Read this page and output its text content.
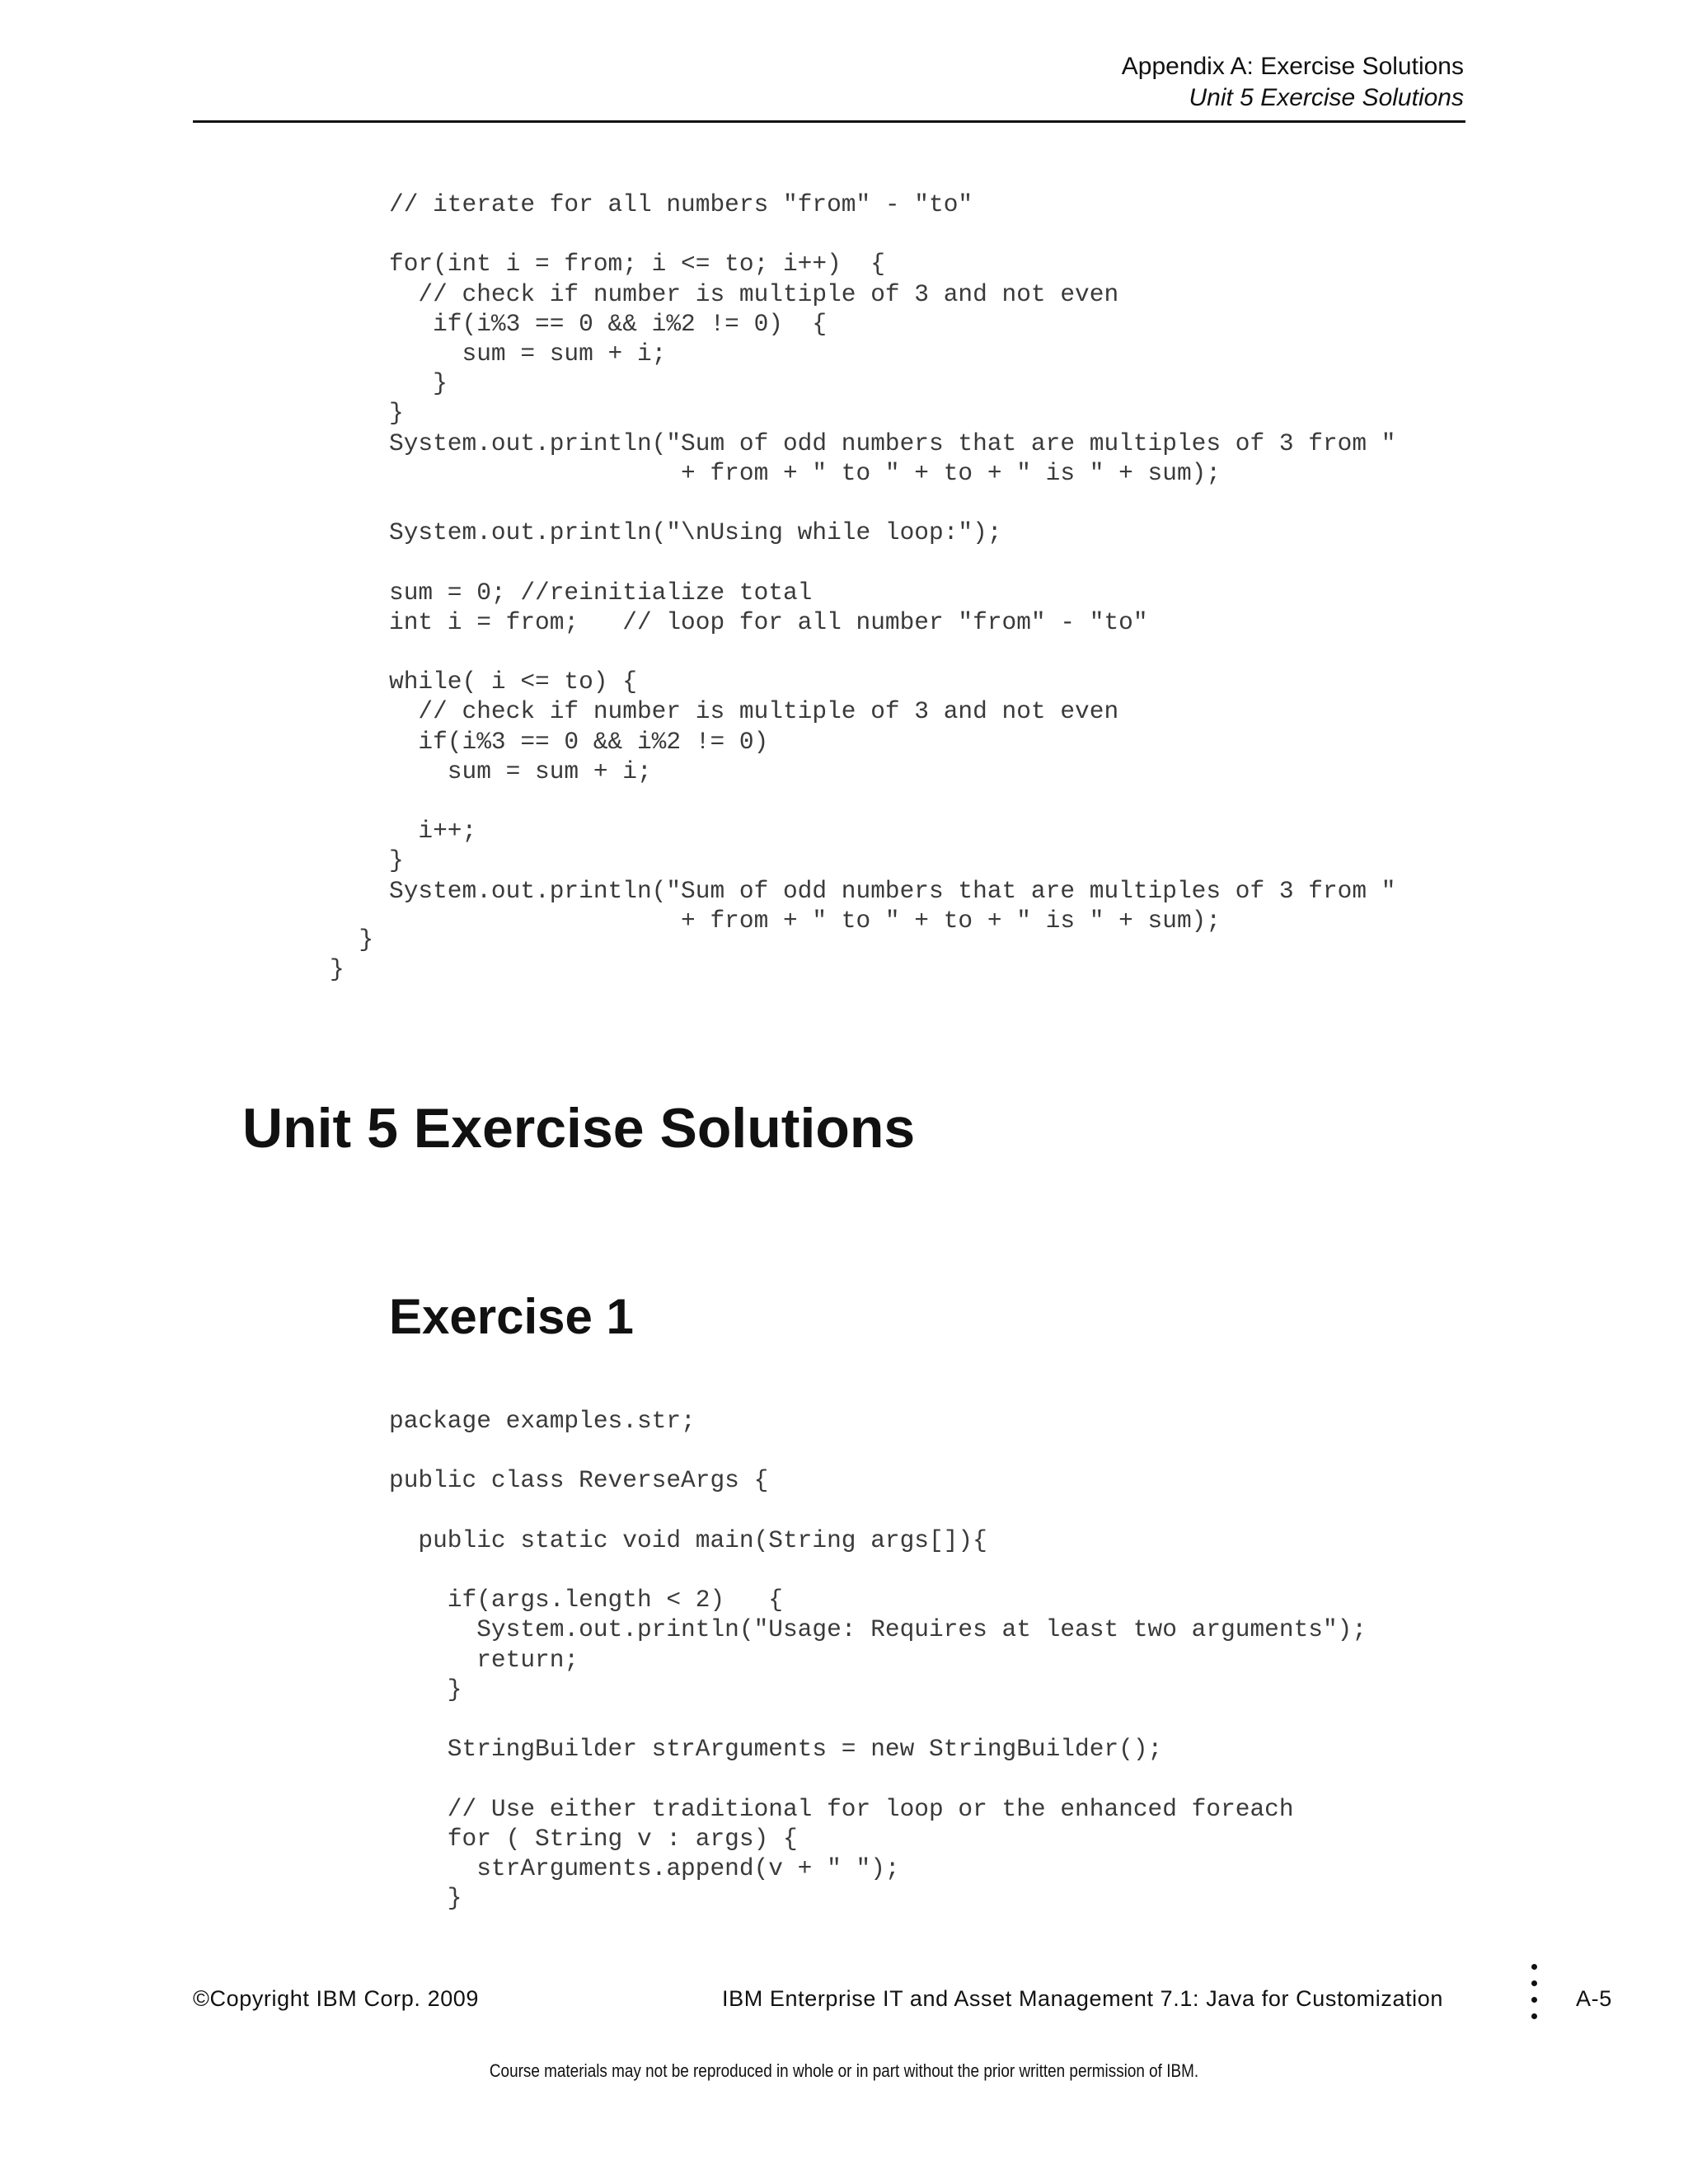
Appendix A: Exercise Solutions
Unit 5 Exercise Solutions
// iterate for all numbers "from" - "to"

for(int i = from; i <= to; i++)  {
// check if number is multiple of 3 and not even
if(i%3 == 0 && i%2 != 0)  {
sum = sum + i;
}
}
System.out.println("Sum of odd numbers that are multiples of 3 from "
+ from + " to " + to + " is " + sum);

System.out.println("\nUsing while loop:");

sum = 0; //reinitialize total
int i = from;   // loop for all number "from" - "to"

while( i <= to) {
// check if number is multiple of 3 and not even
if(i%3 == 0 && i%2 != 0)
sum = sum + i;

i++;
}
System.out.println("Sum of odd numbers that are multiples of 3 from "
+ from + " to " + to + " is " + sum);

}
}
Unit 5 Exercise Solutions
Exercise 1
package examples.str;

public class ReverseArgs {

public static void main(String args[]){

if(args.length < 2)   {
System.out.println("Usage: Requires at least two arguments");
return;
}

StringBuilder strArguments = new StringBuilder();

// Use either traditional for loop or the enhanced foreach
for ( String v : args) {
strArguments.append(v + " ");
}
©Copyright IBM Corp. 2009	IBM Enterprise IT and Asset Management 7.1: Java for Customization	A-5
Course materials may not be reproduced in whole or in part without the prior written permission of IBM.
